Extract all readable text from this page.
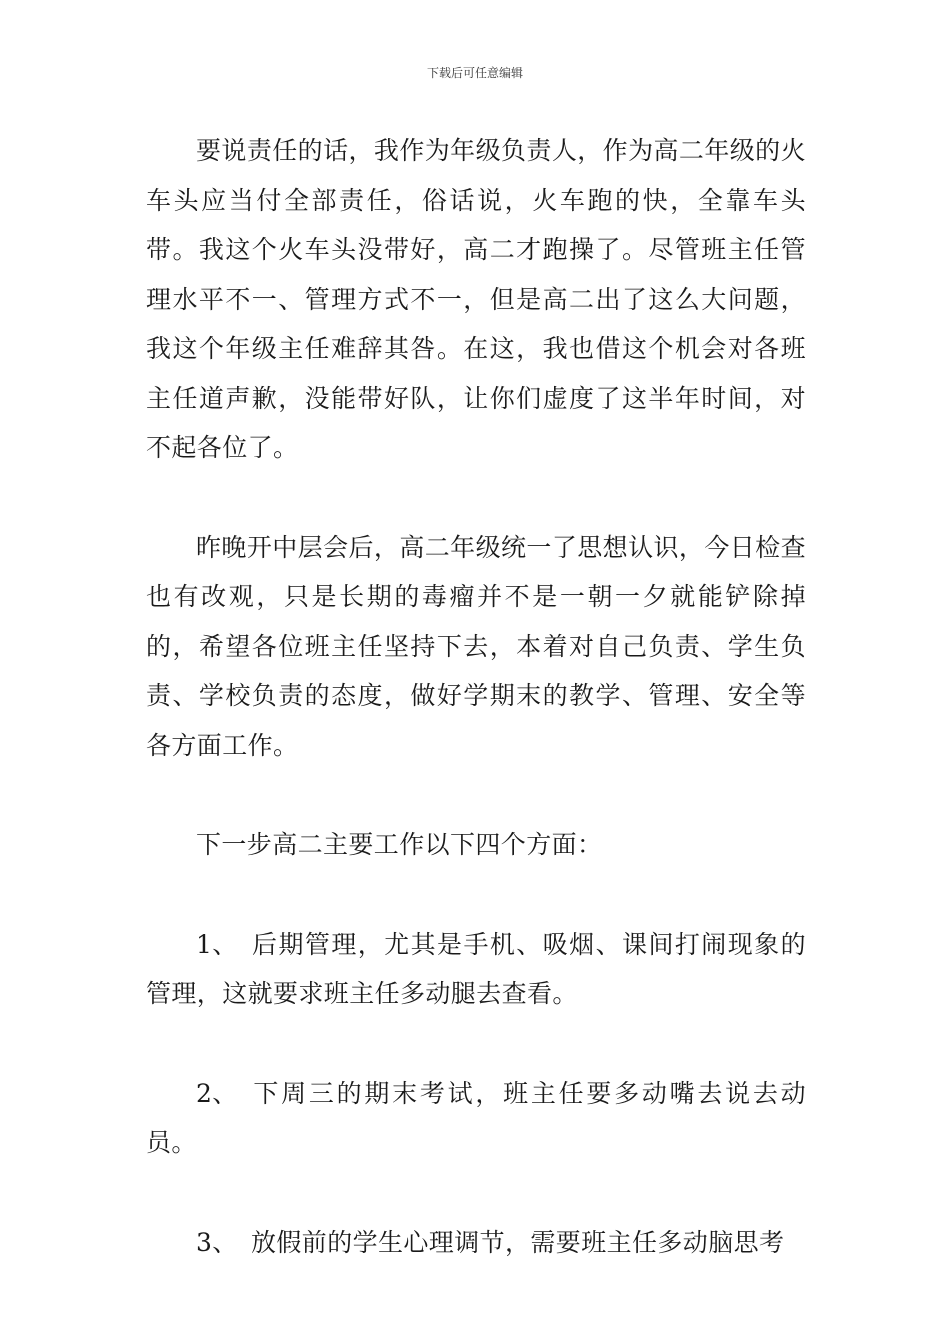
下载后可任意编辑

要说责任的话，我作为年级负责人，作为高二年级的火车头应当付全部责任，俗话说，火车跑的快，全靠车头带。我这个火车头没带好，高二才跑操了。尽管班主任管理水平不一、管理方式不一，但是高二出了这么大问题，我这个年级主任难辞其咎。在这，我也借这个机会对各班主任道声歉，没能带好队，让你们虚度了这半年时间，对不起各位了。

昨晚开中层会后，高二年级统一了思想认识，今日检查也有改观，只是长期的毒瘤并不是一朝一夕就能铲除掉的，希望各位班主任坚持下去，本着对自己负责、学生负责、学校负责的态度，做好学期末的教学、管理、安全等各方面工作。

下一步高二主要工作以下四个方面：

1、 后期管理，尤其是手机、吸烟、课间打闹现象的管理，这就要求班主任多动腿去查看。

2、 下周三的期末考试，班主任要多动嘴去说去动员。

3、 放假前的学生心理调节，需要班主任多动脑思考
